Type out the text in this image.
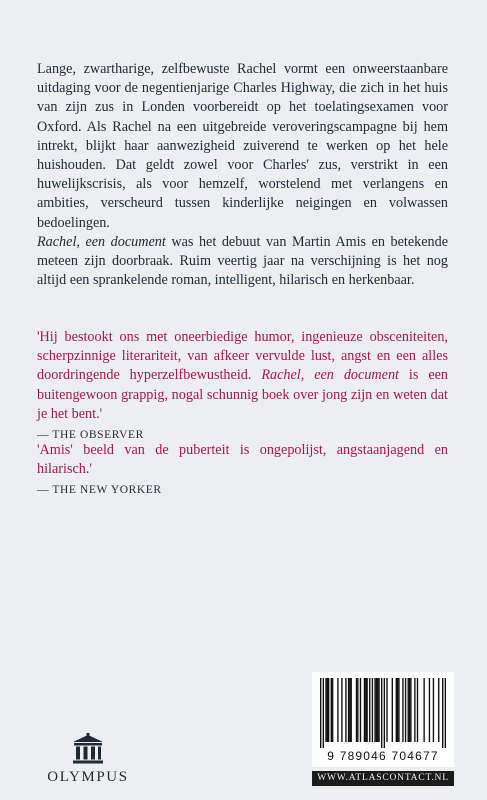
Lange, zwartharige, zelfbewuste Rachel vormt een onweerstaanbare uitdaging voor de negentienjarige Charles Highway, die zich in het huis van zijn zus in Londen voorbereidt op het toelatingsexamen voor Oxford. Als Rachel na een uitgebreide veroveringscampagne bij hem intrekt, blijkt haar aanwezigheid zuiverend te werken op het hele huishouden. Dat geldt zowel voor Charles' zus, verstrikt in een huwelijkscrisis, als voor hemzelf, worstelend met verlangens en ambities, verscheurd tussen kinderlijke neigingen en volwassen bedoelingen.

Rachel, een document was het debuut van Martin Amis en betekende meteen zijn doorbraak. Ruim veertig jaar na verschijning is het nog altijd een sprankelende roman, intelligent, hilarisch en herkenbaar.

'Hij bestookt ons met oneerbiedige humor, ingenieuze obsceniteiten, scherpzinnige literariteit, van afkeer vervulde lust, angst en een alles doordringende hyperzelfbewustheid. Rachel, een document is een buitengewoon grappig, nogal schunnig boek over jong zijn en weten dat je het bent.'
— THE OBSERVER
'Amis' beeld van de puberteit is ongepolijst, angstaanjagend en hilarisch.'
— THE NEW YORKER
OLYMPUS
9 789046 704677
WWW.ATLASCONTACT.NL
